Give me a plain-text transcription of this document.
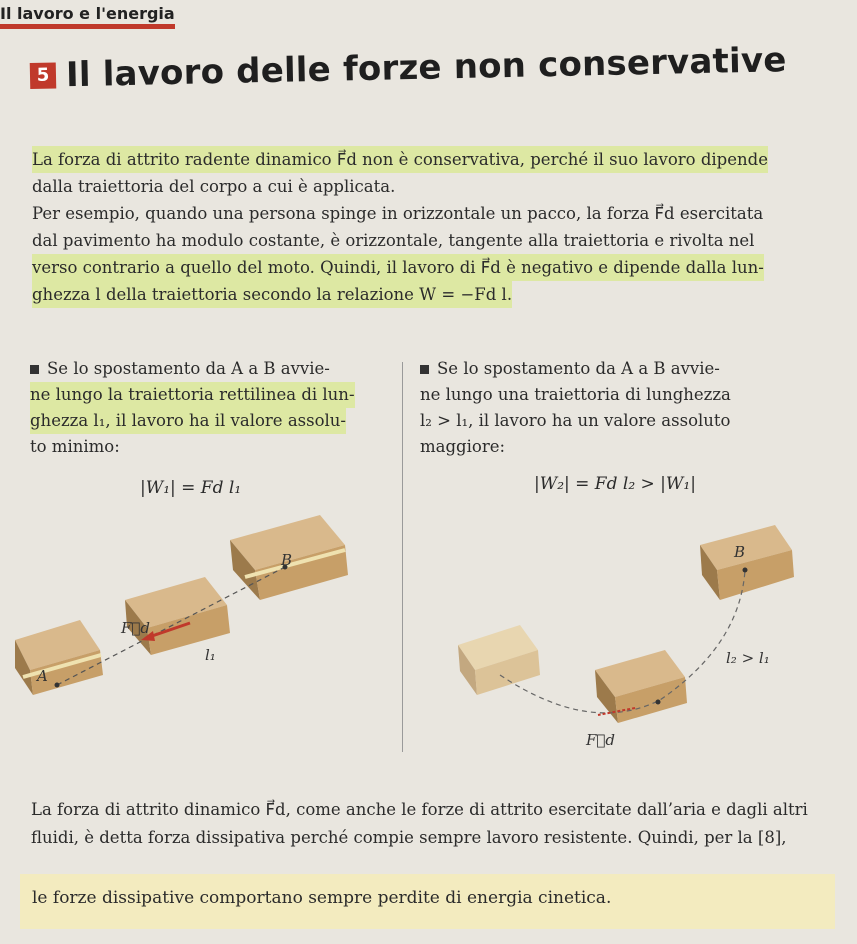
Il lavoro e l'energia
5 Il lavoro delle forze non conservative
La forza di attrito radente dinamico F⃗d non è conservativa, perché il suo lavoro dipende
dalla traiettoria del corpo a cui è applicata.
Per esempio, quando una persona spinge in orizzontale un pacco, la forza F⃗d esercitata
dal pavimento ha modulo costante, è orizzontale, tangente alla traiettoria e rivolta nel
verso contrario a quello del moto. Quindi, il lavoro di F⃗d è negativo e dipende dalla lun-
ghezza l della traiettoria secondo la relazione W = −Fd l.
Se lo spostamento da A a B avvie-
ne lungo la traiettoria rettilinea di lun- ghezza l₁, il lavoro ha il valore assolu-
to minimo:
Se lo spostamento da A a B avvie-
ne lungo una traiettoria di lunghezza
l₂ > l₁, il lavoro ha un valore assoluto
maggiore:
|W₁| = Fd l₁	|W₂| = Fd l₂ > |W₁|
B
A
F⃗d
l₁
B
l₂ > l₁
F⃗d
La forza di attrito dinamico F⃗d, come anche le forze di attrito esercitate dall’aria e dagli altri
fluidi, è detta forza dissipativa perché compie sempre lavoro resistente. Quindi, per la [8],
le forze dissipative comportano sempre perdite di energia cinetica.
